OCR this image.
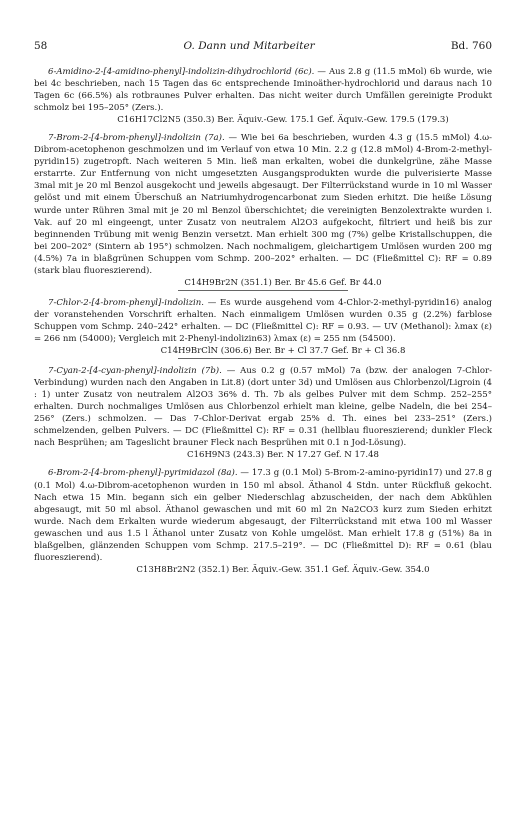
58	O. Dann und Mitarbeiter	Bd. 760

6-Amidino-2-[4-amidino-phenyl]-indolizin-dihydrochlorid (6c). — Aus 2.8 g (11.5 mMol) 6b wurde, wie bei 4c beschrieben, nach 15 Tagen das 6c entsprechende Iminoäther-hydrochlorid und daraus nach 10 Tagen 6c (66.5%) als rotbraunes Pulver erhalten. Das nicht weiter durch Umfällen gereinigte Produkt schmolz bei 195–205° (Zers.).

C16H17Cl2N5 (350.3) Ber. Äquiv.-Gew. 175.1 Gef. Äquiv.-Gew. 179.5 (179.3)

7-Brom-2-[4-brom-phenyl]-indolizin (7a). — Wie bei 6a beschrieben, wurden 4.3 g (15.5 mMol) 4.ω-Dibrom-acetophenon geschmolzen und im Verlauf von etwa 10 Min. 2.2 g (12.8 mMol) 4-Brom-2-methyl-pyridin15) zugetropft. Nach weiteren 5 Min. ließ man erkalten, wobei die dunkelgrüne, zähe Masse erstarrte. Zur Entfernung von nicht umgesetzten Ausgangsprodukten wurde die pulverisierte Masse 3mal mit je 20 ml Benzol ausgekocht und jeweils abgesaugt. Der Filterrückstand wurde in 10 ml Wasser gelöst und mit einem Überschuß an Natriumhydrogencarbonat zum Sieden erhitzt. Die heiße Lösung wurde unter Rühren 3mal mit je 20 ml Benzol überschichtet; die vereinigten Benzolextrakte wurden i. Vak. auf 20 ml eingeengt, unter Zusatz von neutralem Al2O3 aufgekocht, filtriert und heiß bis zur beginnenden Trübung mit wenig Benzin versetzt. Man erhielt 300 mg (7%) gelbe Kristallschuppen, die bei 200–202° (Sintern ab 195°) schmolzen. Nach nochmaligem, gleichartigem Umlösen wurden 200 mg (4.5%) 7a in blaßgrünen Schuppen vom Schmp. 200–202° erhalten. — DC (Fließmittel C): RF = 0.89 (stark blau fluoreszierend).

C14H9Br2N (351.1) Ber. Br 45.6 Gef. Br 44.0

7-Chlor-2-[4-brom-phenyl]-indolizin. — Es wurde ausgehend vom 4-Chlor-2-methyl-pyridin16) analog der voranstehenden Vorschrift erhalten. Nach einmaligem Umlösen wurden 0.35 g (2.2%) farblose Schuppen vom Schmp. 240–242° erhalten. — DC (Fließmittel C): RF = 0.93. — UV (Methanol): λmax (ε) = 266 nm (54000); Vergleich mit 2-Phenyl-indolizin63) λmax (ε) = 255 nm (54500).

C14H9BrClN (306.6) Ber. Br + Cl 37.7 Gef. Br + Cl 36.8

7-Cyan-2-[4-cyan-phenyl]-indolizin (7b). — Aus 0.2 g (0.57 mMol) 7a (bzw. der analogen 7-Chlor-Verbindung) wurden nach den Angaben in Lit.8) (dort unter 3d) und Umlösen aus Chlorbenzol/Ligroin (4 : 1) unter Zusatz von neutralem Al2O3 36% d. Th. 7b als gelbes Pulver mit dem Schmp. 252–255° erhalten. Durch nochmaliges Umlösen aus Chlorbenzol erhielt man kleine, gelbe Nadeln, die bei 254–256° (Zers.) schmolzen. — Das 7-Chlor-Derivat ergab 25% d. Th. eines bei 233–251° (Zers.) schmelzenden, gelben Pulvers. — DC (Fließmittel C): RF = 0.31 (hellblau fluoreszierend; dunkler Fleck nach Besprühen; am Tageslicht brauner Fleck nach Besprühen mit 0.1 n Jod-Lösung).

C16H9N3 (243.3) Ber. N 17.27 Gef. N 17.48

6-Brom-2-[4-brom-phenyl]-pyrimidazol (8a). — 17.3 g (0.1 Mol) 5-Brom-2-amino-pyridin17) und 27.8 g (0.1 Mol) 4.ω-Dibrom-acetophenon wurden in 150 ml absol. Äthanol 4 Stdn. unter Rückfluß gekocht. Nach etwa 15 Min. begann sich ein gelber Niederschlag abzuscheiden, der nach dem Abkühlen abgesaugt, mit 50 ml absol. Äthanol gewaschen und mit 60 ml 2n Na2CO3 kurz zum Sieden erhitzt wurde. Nach dem Erkalten wurde wiederum abgesaugt, der Filterrückstand mit etwa 100 ml Wasser gewaschen und aus 1.5 l Äthanol unter Zusatz von Kohle umgelöst. Man erhielt 17.8 g (51%) 8a in blaßgelben, glänzenden Schuppen vom Schmp. 217.5–219°. — DC (Fließmittel D): RF = 0.61 (blau fluoreszierend).

C13H8Br2N2 (352.1) Ber. Äquiv.-Gew. 351.1 Gef. Äquiv.-Gew. 354.0
